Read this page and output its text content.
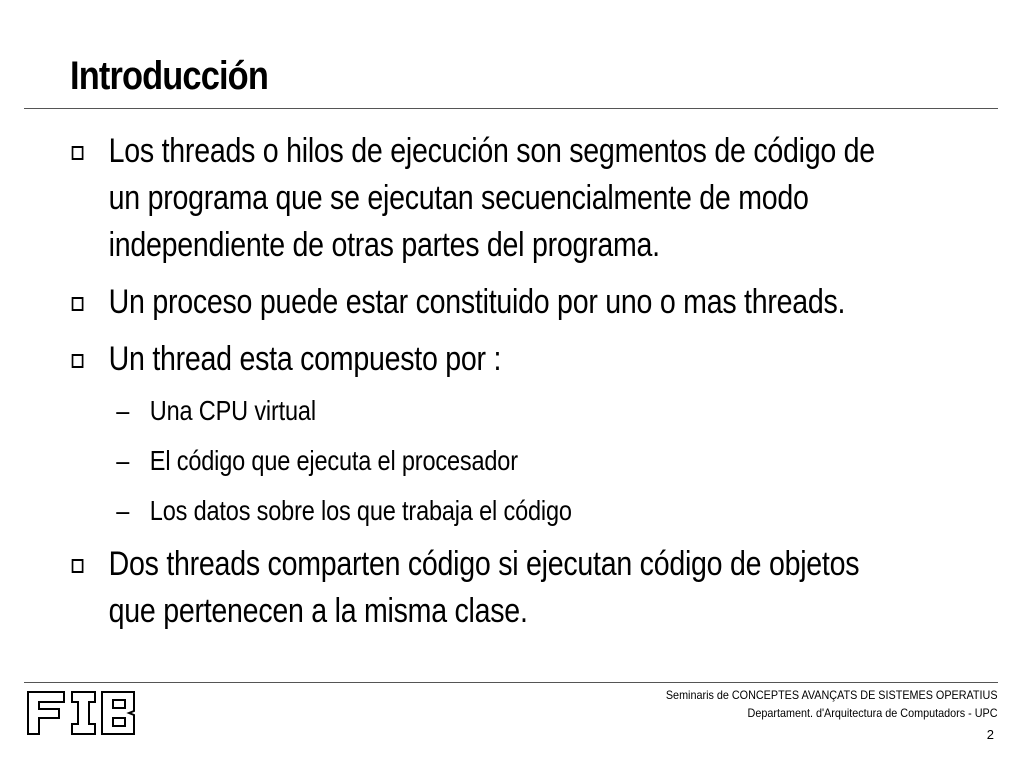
Introducción
Los threads o hilos de ejecución son segmentos de código de un programa que se ejecutan secuencialmente de modo independiente de otras partes del programa.
Un proceso puede estar constituido por uno o mas threads.
Un thread esta compuesto por :
– Una CPU virtual
– El código que ejecuta el procesador
– Los datos sobre los que trabaja el código
Dos threads comparten código si ejecutan código de objetos que pertenecen a la misma clase.
Seminaris de CONCEPTES AVANÇATS DE SISTEMES OPERATIUS
Departament. d'Arquitectura de Computadors - UPC
2
